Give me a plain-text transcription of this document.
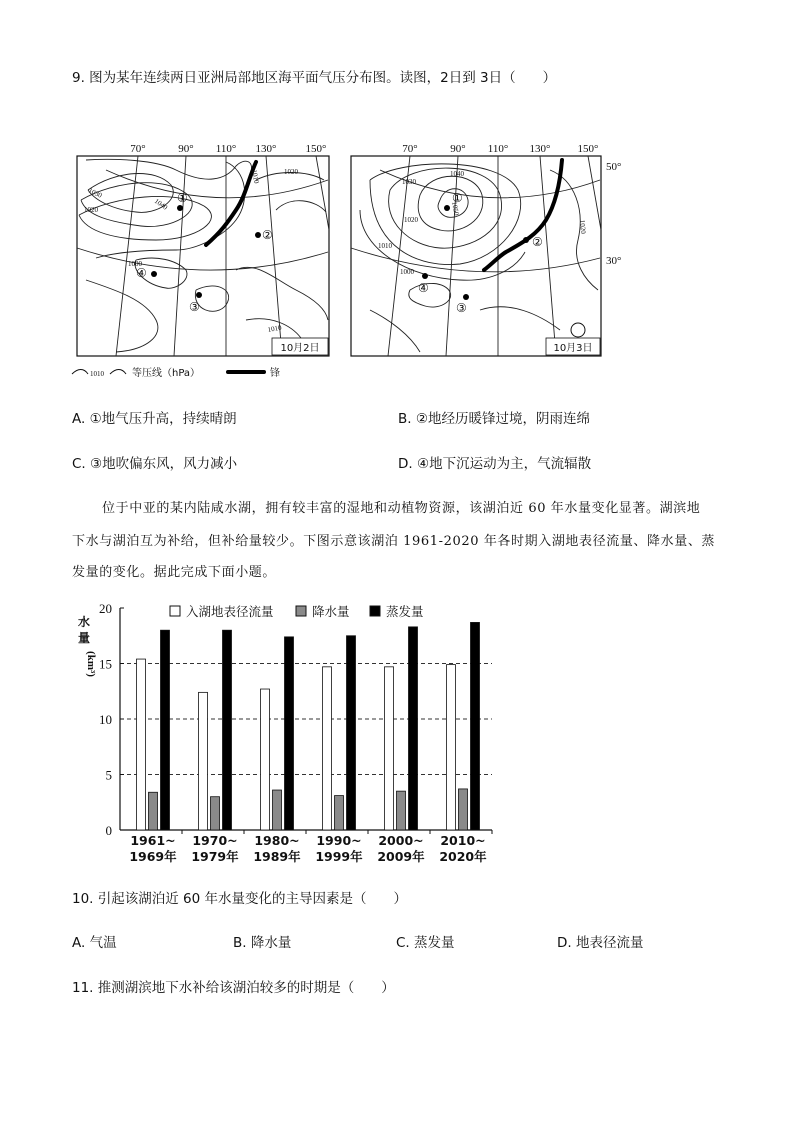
9. 图为某年连续两日亚洲局部地区海平面气压分布图。读图，2日到 3日（　　）
70°	90° 110° 130°	150°
1030
1020	1040
1010
1000
1020
1010
①
②
③
④
10月2日
70°	90° 110° 130° 150°
50°
30°
1040
1030
1020
1050
1010
1000
1020
①
②
③
④
10月3日
1010	等压线（hPa）	锋
A. ①地气压升高，持续晴朗	B. ②地经历暖锋过境，阴雨连绵
C. ③地吹偏东风，风力减小	D. ④地下沉运动为主，气流辐散
位于中亚的某内陆咸水湖，拥有较丰富的湿地和动植物资源，该湖泊近 60 年水量变化显著。湖滨地
下水与湖泊互为补给，但补给量较少。下图示意该湖泊 1961-2020 年各时期入湖地表径流量、降水量、蒸
发量的变化。据此完成下面小题。
0
5
10
15
20
水
量
(km³)
入湖地表径流量	降水量	蒸发量
1961~
1969年
1970~
1979年
1980~
1989年
1990~
1999年
2000~
2009年
2010~
2020年
10. 引起该湖泊近 60 年水量变化的主导因素是（　　）
A. 气温	B. 降水量	C. 蒸发量	D. 地表径流量
11. 推测湖滨地下水补给该湖泊较多的时期是（　　）
